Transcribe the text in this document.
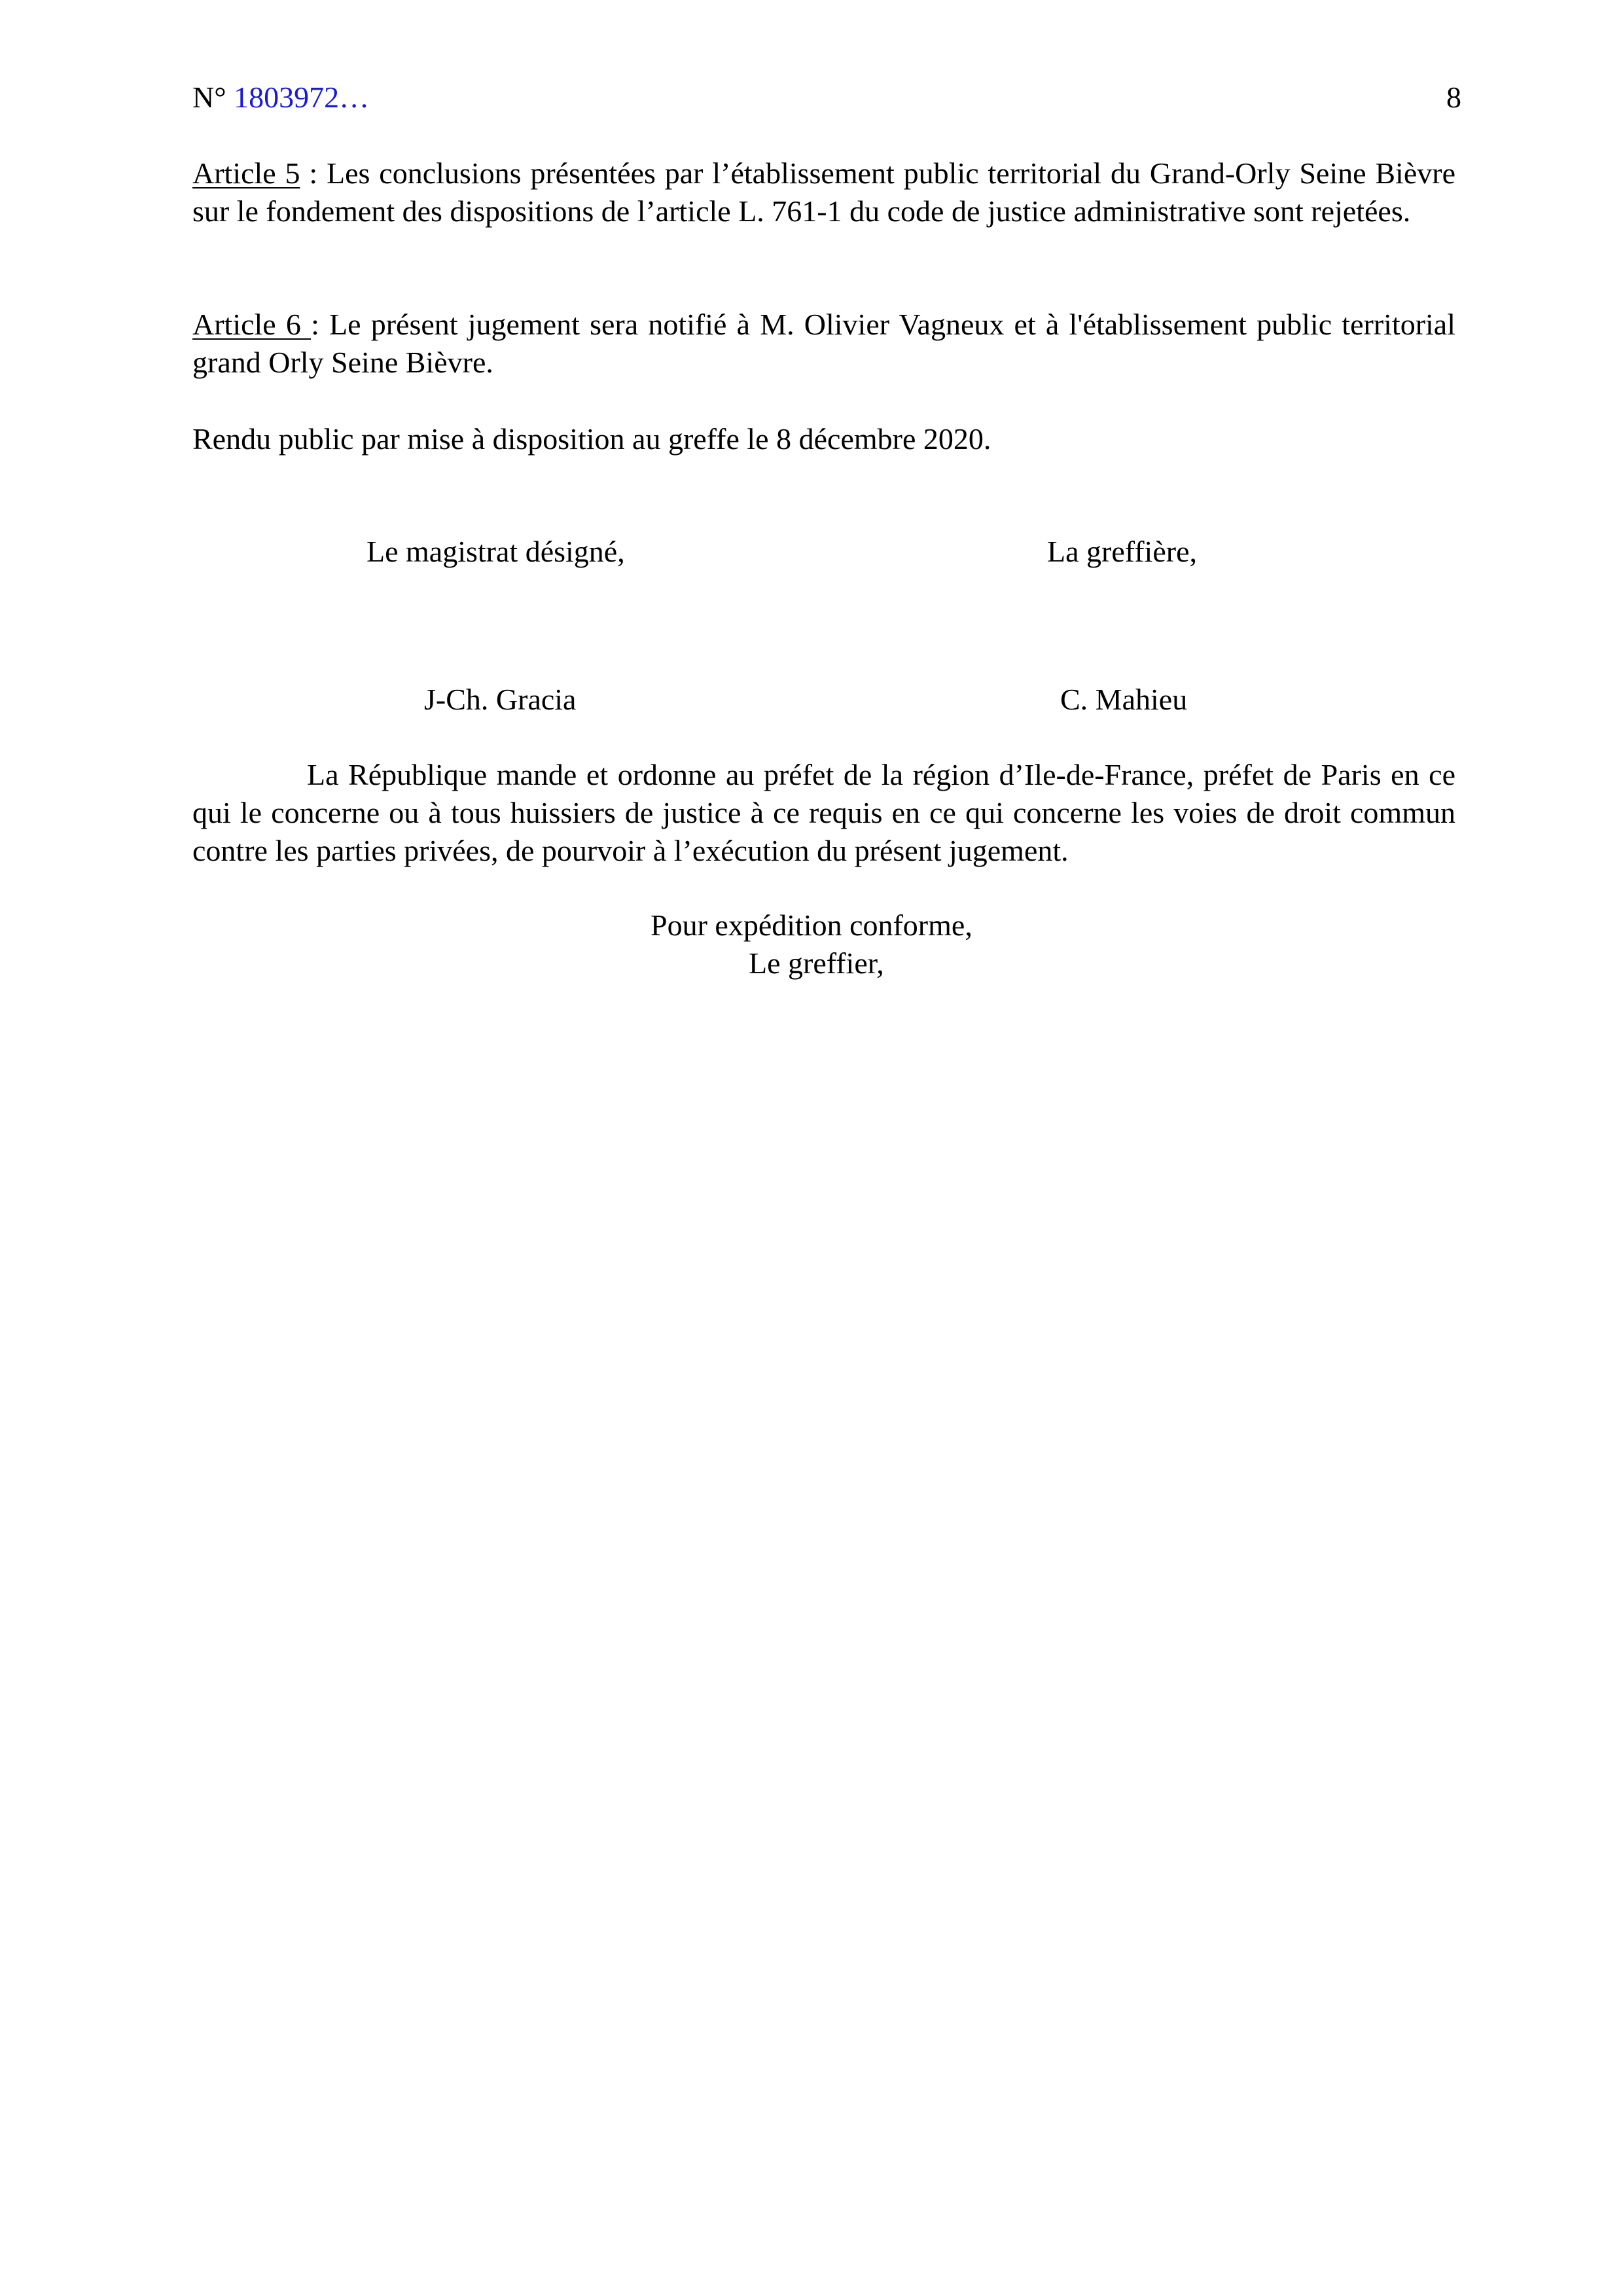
N° 1803972…	8

Article 5 : Les conclusions présentées par l’établissement public territorial du Grand-Orly Seine Bièvre sur le fondement des dispositions de l’article L. 761-1 du code de justice administrative sont rejetées.

Article 6 : Le présent jugement sera notifié à M. Olivier Vagneux et à l'établissement public territorial grand Orly Seine Bièvre.

Rendu public par mise à disposition au greffe le 8 décembre 2020.
Le magistrat désigné,	La greffière,
J-Ch. Gracia	C. Mahieu

La République mande et ordonne au préfet de la région d’Ile-de-France, préfet de Paris en ce qui le concerne ou à tous huissiers de justice à ce requis en ce qui concerne les voies de droit commun contre les parties privées, de pourvoir à l’exécution du présent jugement.

Pour expédition conforme,
Le greffier,
